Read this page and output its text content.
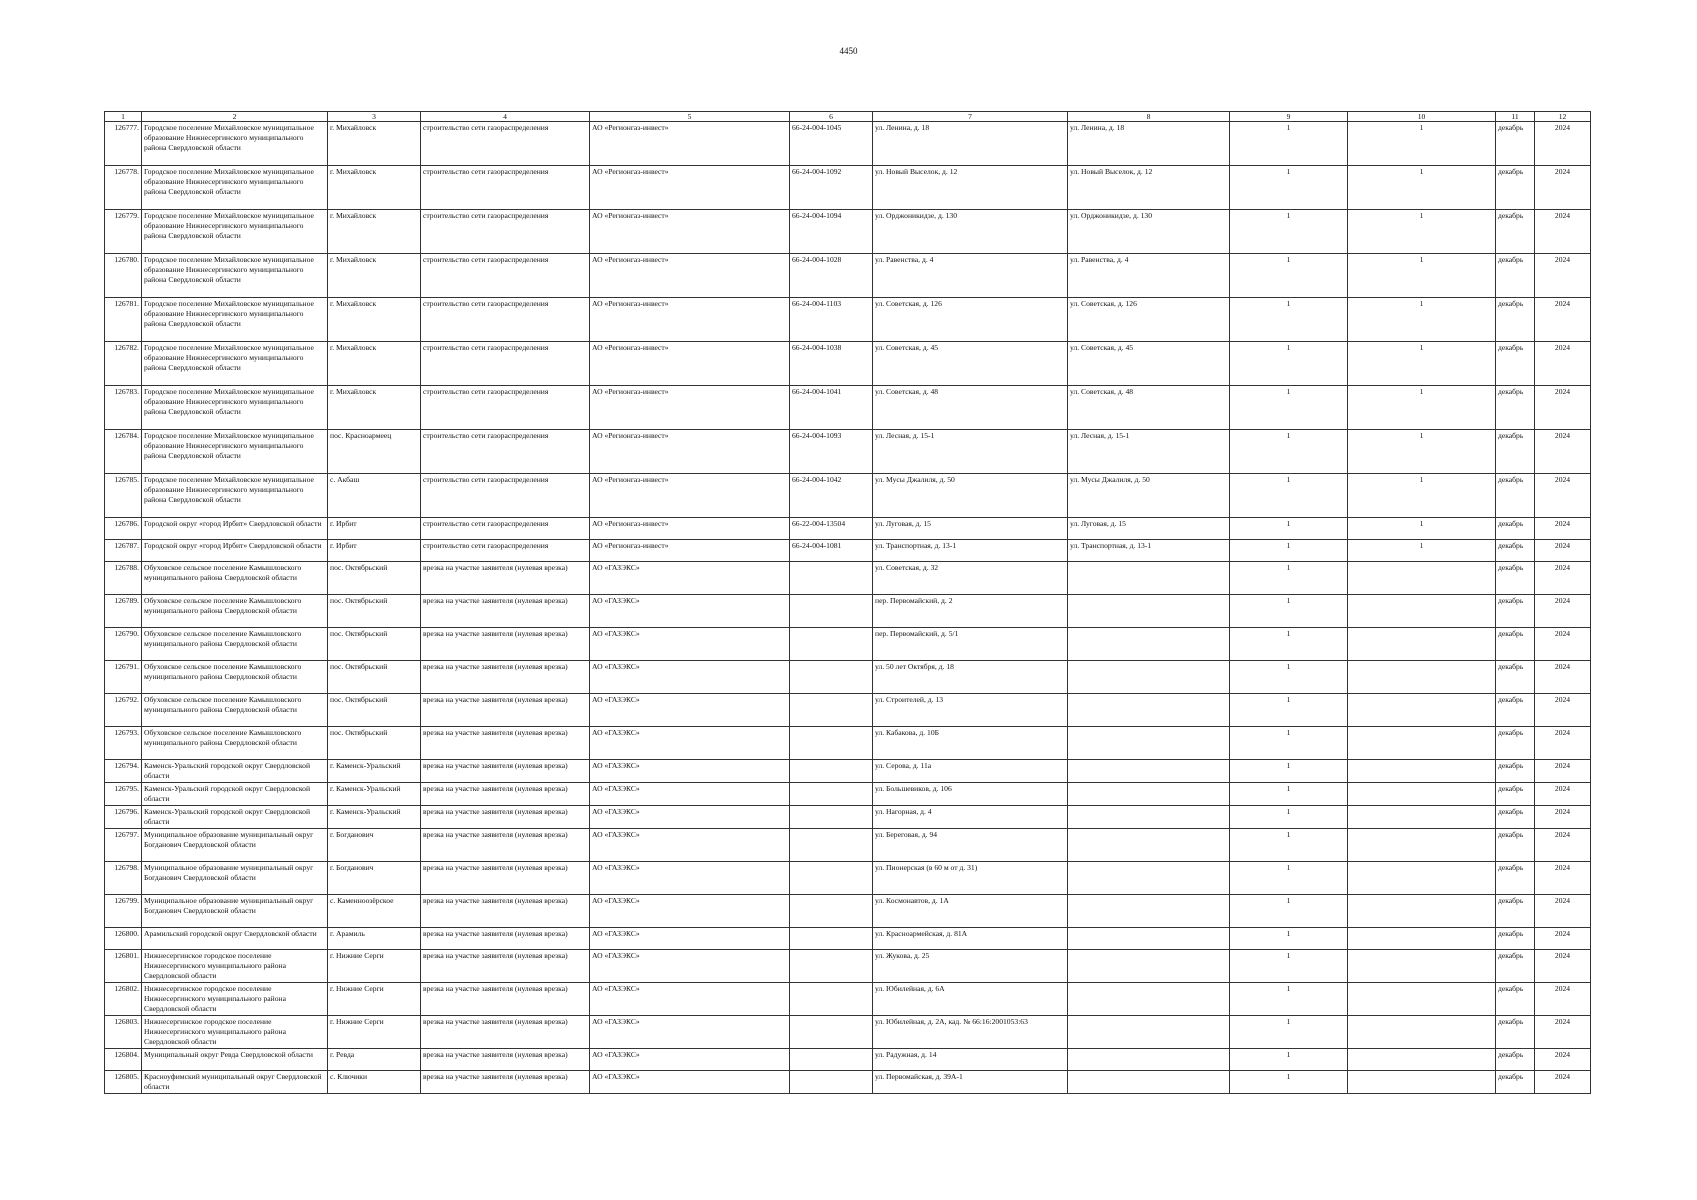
4450
1	2	3	4	5	6	7	8	9	10	11	12
126777.	Городское поселение Михайловское муниципальное образование Нижнесергинского муниципального района Свердловской области	г. Михайловск	строительство сети газораспределения	АО «Регионгаз-инвест»	66-24-004-1045	ул. Ленина, д. 18	ул. Ленина, д. 18	1	1	декабрь	2024
126778.	Городское поселение Михайловское муниципальное образование Нижнесергинского муниципального района Свердловской области	г. Михайловск	строительство сети газораспределения	АО «Регионгаз-инвест»	66-24-004-1092	ул. Новый Выселок, д. 12	ул. Новый Выселок, д. 12	1	1	декабрь	2024
126779.	Городское поселение Михайловское муниципальное образование Нижнесергинского муниципального района Свердловской области	г. Михайловск	строительство сети газораспределения	АО «Регионгаз-инвест»	66-24-004-1094	ул. Орджоникидзе, д. 130	ул. Орджоникидзе, д. 130	1	1	декабрь	2024
126780.	Городское поселение Михайловское муниципальное образование Нижнесергинского муниципального района Свердловской области	г. Михайловск	строительство сети газораспределения	АО «Регионгаз-инвест»	66-24-004-1028	ул. Равенства, д. 4	ул. Равенства, д. 4	1	1	декабрь	2024
126781.	Городское поселение Михайловское муниципальное образование Нижнесергинского муниципального района Свердловской области	г. Михайловск	строительство сети газораспределения	АО «Регионгаз-инвест»	66-24-004-1103	ул. Советская, д. 126	ул. Советская, д. 126	1	1	декабрь	2024
126782.	Городское поселение Михайловское муниципальное образование Нижнесергинского муниципального района Свердловской области	г. Михайловск	строительство сети газораспределения	АО «Регионгаз-инвест»	66-24-004-1038	ул. Советская, д. 45	ул. Советская, д. 45	1	1	декабрь	2024
126783.	Городское поселение Михайловское муниципальное образование Нижнесергинского муниципального района Свердловской области	г. Михайловск	строительство сети газораспределения	АО «Регионгаз-инвест»	66-24-004-1041	ул. Советская, д. 48	ул. Советская, д. 48	1	1	декабрь	2024
126784.	Городское поселение Михайловское муниципальное образование Нижнесергинского муниципального района Свердловской области	пос. Красноармеец	строительство сети газораспределения	АО «Регионгаз-инвест»	66-24-004-1093	ул. Лесная, д. 15-1	ул. Лесная, д. 15-1	1	1	декабрь	2024
126785.	Городское поселение Михайловское муниципальное образование Нижнесергинского муниципального района Свердловской области	с. Акбаш	строительство сети газораспределения	АО «Регионгаз-инвест»	66-24-004-1042	ул. Мусы Джалиля, д. 50	ул. Мусы Джалиля, д. 50	1	1	декабрь	2024
126786.	Городской округ «город Ирбит» Свердловской области	г. Ирбит	строительство сети газораспределения	АО «Регионгаз-инвест»	66-22-004-13504	ул. Луговая, д. 15	ул. Луговая, д. 15	1	1	декабрь	2024
126787.	Городской округ «город Ирбит» Свердловской области	г. Ирбит	строительство сети газораспределения	АО «Регионгаз-инвест»	66-24-004-1081	ул. Транспортная, д. 13-1	ул. Транспортная, д. 13-1	1	1	декабрь	2024
126788.	Обуховское сельское поселение Камышловского муниципального района Свердловской области	пос. Октябрьский	врезка на участке заявителя (нулевая врезка)	АО «ГАЗЭКС»		ул. Советская, д. 32		1		декабрь	2024
126789.	Обуховское сельское поселение Камышловского муниципального района Свердловской области	пос. Октябрьский	врезка на участке заявителя (нулевая врезка)	АО «ГАЗЭКС»		пер. Первомайский, д. 2		1		декабрь	2024
126790.	Обуховское сельское поселение Камышловского муниципального района Свердловской области	пос. Октябрьский	врезка на участке заявителя (нулевая врезка)	АО «ГАЗЭКС»		пер. Первомайский, д. 5/1		1		декабрь	2024
126791.	Обуховское сельское поселение Камышловского муниципального района Свердловской области	пос. Октябрьский	врезка на участке заявителя (нулевая врезка)	АО «ГАЗЭКС»		ул. 50 лет Октября, д. 18		1		декабрь	2024
126792.	Обуховское сельское поселение Камышловского муниципального района Свердловской области	пос. Октябрьский	врезка на участке заявителя (нулевая врезка)	АО «ГАЗЭКС»		ул. Строителей, д. 13		1		декабрь	2024
126793.	Обуховское сельское поселение Камышловского муниципального района Свердловской области	пос. Октябрьский	врезка на участке заявителя (нулевая врезка)	АО «ГАЗЭКС»		ул. Кабакова, д. 10Б		1		декабрь	2024
126794.	Каменск-Уральский городской округ Свердловской области	г. Каменск-Уральский	врезка на участке заявителя (нулевая врезка)	АО «ГАЗЭКС»		ул. Серова, д. 11а		1		декабрь	2024
126795.	Каменск-Уральский городской округ Свердловской области	г. Каменск-Уральский	врезка на участке заявителя (нулевая врезка)	АО «ГАЗЭКС»		ул. Большевиков, д. 106		1		декабрь	2024
126796.	Каменск-Уральский городской округ Свердловской области	г. Каменск-Уральский	врезка на участке заявителя (нулевая врезка)	АО «ГАЗЭКС»		ул. Нагорная, д. 4		1		декабрь	2024
126797.	Муниципальное образование муниципальный округ Богданович Свердловской области	г. Богданович	врезка на участке заявителя (нулевая врезка)	АО «ГАЗЭКС»		ул. Береговая, д. 94		1		декабрь	2024
126798.	Муниципальное образование муниципальный округ Богданович Свердловской области	г. Богданович	врезка на участке заявителя (нулевая врезка)	АО «ГАЗЭКС»		ул. Пионерская (в 60 м от д. 31)		1		декабрь	2024
126799.	Муниципальное образование муниципальный округ Богданович Свердловской области	с. Каменноозёрское	врезка на участке заявителя (нулевая врезка)	АО «ГАЗЭКС»		ул. Космонавтов, д. 1А		1		декабрь	2024
126800.	Арамильский городской округ Свердловской области	г. Арамиль	врезка на участке заявителя (нулевая врезка)	АО «ГАЗЭКС»		ул. Красноармейская, д. 81А		1		декабрь	2024
126801.	Нижнесергинское городское поселение Нижнесергинского муниципального района Свердловской области	г. Нижние Серги	врезка на участке заявителя (нулевая врезка)	АО «ГАЗЭКС»		ул. Жукова, д. 25		1		декабрь	2024
126802.	Нижнесергинское городское поселение Нижнесергинского муниципального района Свердловской области	г. Нижние Серги	врезка на участке заявителя (нулевая врезка)	АО «ГАЗЭКС»		ул. Юбилейная, д. 6А		1		декабрь	2024
126803.	Нижнесергинское городское поселение Нижнесергинского муниципального района Свердловской области	г. Нижние Серги	врезка на участке заявителя (нулевая врезка)	АО «ГАЗЭКС»		ул. Юбилейная, д. 2А, кад. № 66:16:2001053:63		1		декабрь	2024
126804.	Муниципальный округ Ревда Свердловской области	г. Ревда	врезка на участке заявителя (нулевая врезка)	АО «ГАЗЭКС»		ул. Радужная, д. 14		1		декабрь	2024
126805.	Красноуфимский муниципальный округ Свердловской области	с. Ключики	врезка на участке заявителя (нулевая врезка)	АО «ГАЗЭКС»		ул. Первомайская, д. 39А-1		1		декабрь	2024
